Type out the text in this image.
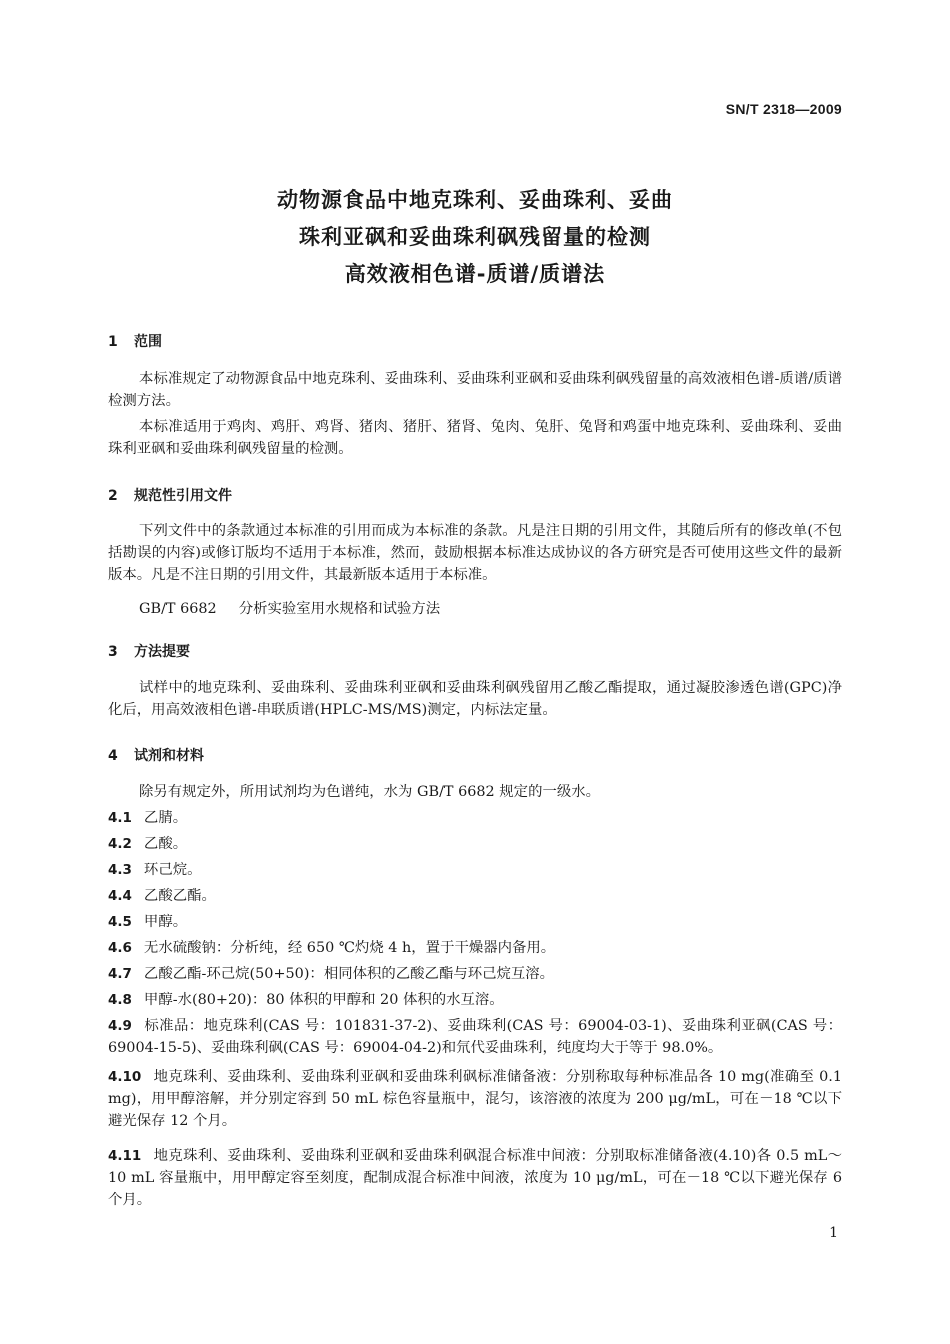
SN/T 2318—2009
动物源食品中地克珠利、妥曲珠利、妥曲
珠利亚砜和妥曲珠利砜残留量的检测
高效液相色谱-质谱/质谱法
1 范围
本标准规定了动物源食品中地克珠利、妥曲珠利、妥曲珠利亚砜和妥曲珠利砜残留量的高效液相色谱-质谱/质谱检测方法。
本标准适用于鸡肉、鸡肝、鸡肾、猪肉、猪肝、猪肾、兔肉、兔肝、兔肾和鸡蛋中地克珠利、妥曲珠利、妥曲珠利亚砜和妥曲珠利砜残留量的检测。
2 规范性引用文件
下列文件中的条款通过本标准的引用而成为本标准的条款。凡是注日期的引用文件，其随后所有的修改单(不包括勘误的内容)或修订版均不适用于本标准，然而，鼓励根据本标准达成协议的各方研究是否可使用这些文件的最新版本。凡是不注日期的引用文件，其最新版本适用于本标准。
GB/T 6682 分析实验室用水规格和试验方法
3 方法提要
试样中的地克珠利、妥曲珠利、妥曲珠利亚砜和妥曲珠利砜残留用乙酸乙酯提取，通过凝胶渗透色谱(GPC)净化后，用高效液相色谱-串联质谱(HPLC-MS/MS)测定，内标法定量。
4 试剂和材料
除另有规定外，所用试剂均为色谱纯，水为 GB/T 6682 规定的一级水。
4.1 乙腈。
4.2 乙酸。
4.3 环己烷。
4.4 乙酸乙酯。
4.5 甲醇。
4.6 无水硫酸钠：分析纯，经 650 ℃灼烧 4 h，置于干燥器内备用。
4.7 乙酸乙酯-环己烷(50+50)：相同体积的乙酸乙酯与环己烷互溶。
4.8 甲醇-水(80+20)：80 体积的甲醇和 20 体积的水互溶。
4.9 标准品：地克珠利(CAS 号：101831-37-2)、妥曲珠利(CAS 号：69004-03-1)、妥曲珠利亚砜(CAS 号：69004-15-5)、妥曲珠利砜(CAS 号：69004-04-2)和氘代妥曲珠利，纯度均大于等于 98.0%。
4.10 地克珠利、妥曲珠利、妥曲珠利亚砜和妥曲珠利砜标准储备液：分别称取每种标准品各 10 mg(准确至 0.1 mg)，用甲醇溶解，并分别定容到 50 mL 棕色容量瓶中，混匀，该溶液的浓度为 200 μg/mL，可在－18 ℃以下避光保存 12 个月。
4.11 地克珠利、妥曲珠利、妥曲珠利亚砜和妥曲珠利砜混合标准中间液：分别取标准储备液(4.10)各 0.5 mL～10 mL 容量瓶中，用甲醇定容至刻度，配制成混合标准中间液，浓度为 10 μg/mL，可在－18 ℃以下避光保存 6 个月。
1
